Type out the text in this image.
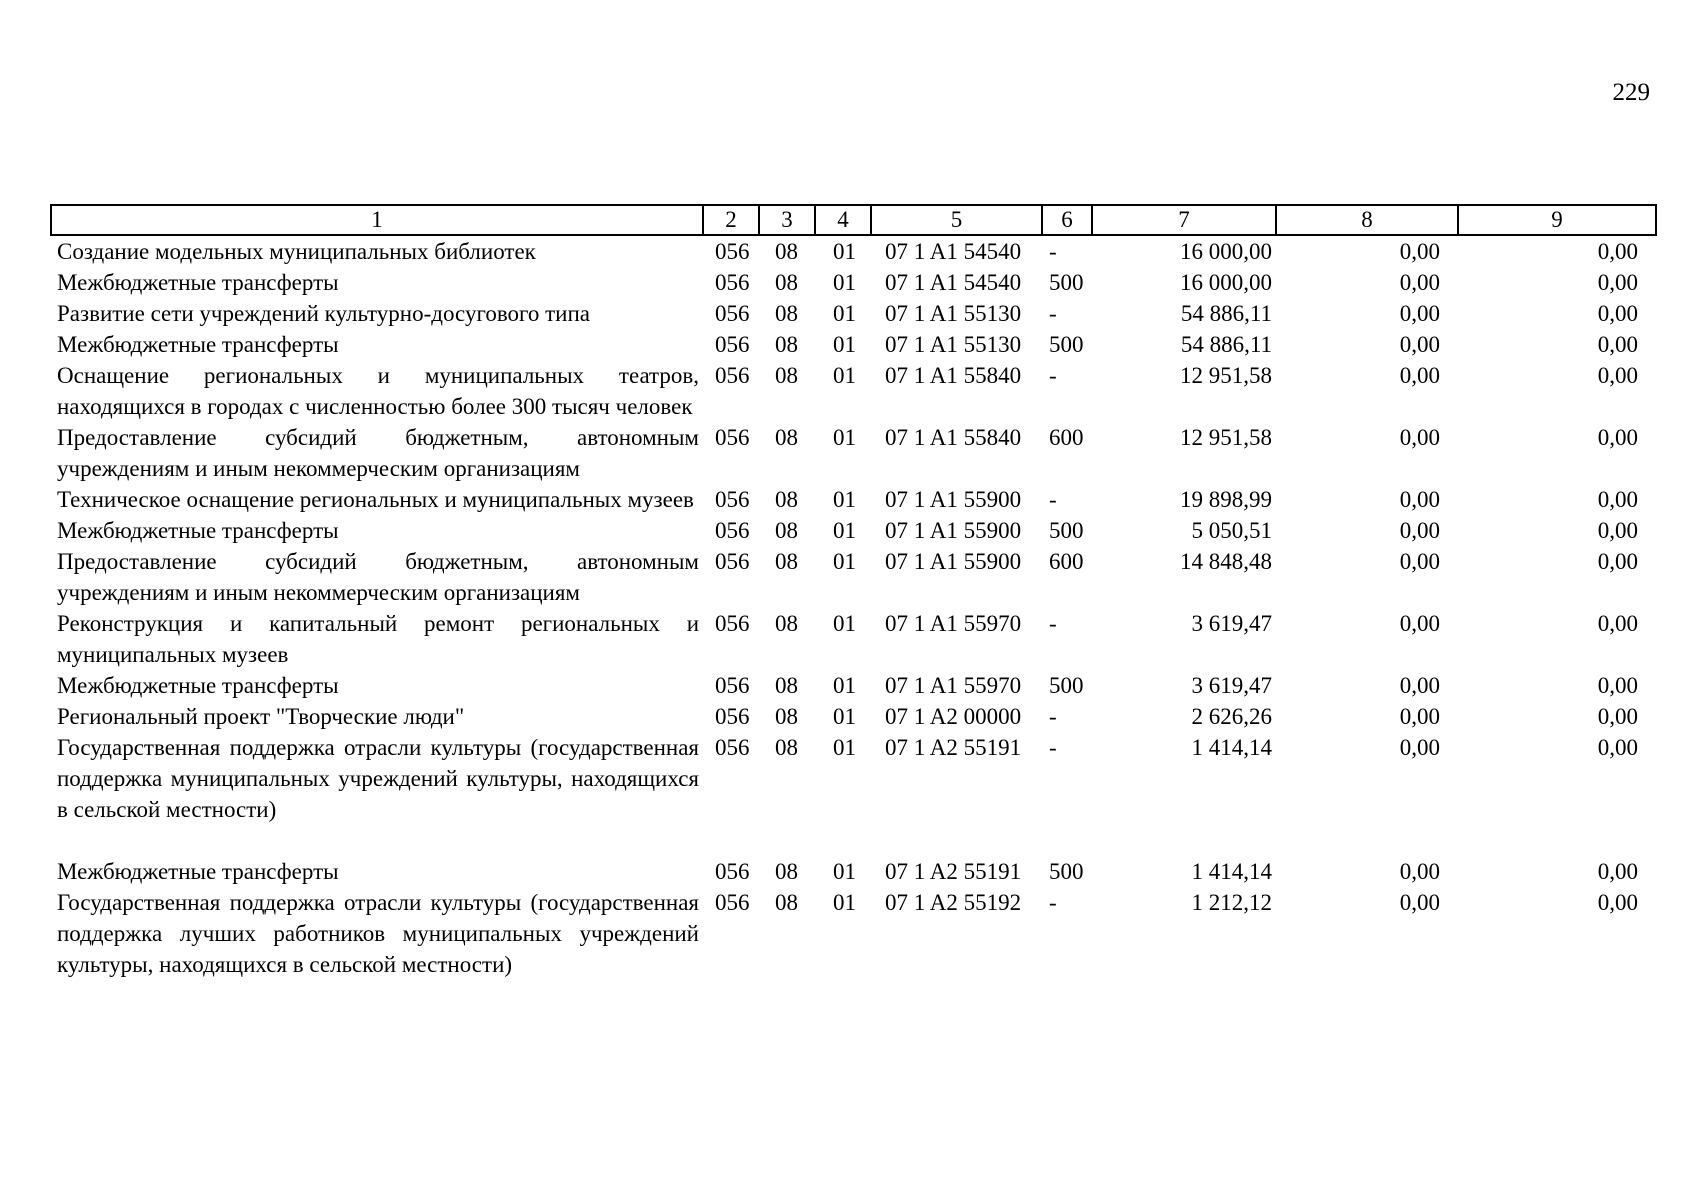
229
1	2	3	4	5	6	7	8	9
Создание модельных муниципальных библиотек	056	08	01	07 1 A1 54540	-	16 000,00	0,00	0,00
Межбюджетные трансферты	056	08	01	07 1 A1 54540	500	16 000,00	0,00	0,00
Развитие сети учреждений культурно-досугового типа	056	08	01	07 1 A1 55130	-	54 886,11	0,00	0,00
Межбюджетные трансферты	056	08	01	07 1 A1 55130	500	54 886,11	0,00	0,00
Оснащение региональных и муниципальных театров, находящихся в городах с численностью более 300 тысяч человек	056	08	01	07 1 A1 55840	-	12 951,58	0,00	0,00
Предоставление субсидий бюджетным, автономным учреждениям и иным некоммерческим организациям	056	08	01	07 1 A1 55840	600	12 951,58	0,00	0,00
Техническое оснащение региональных и муниципальных музеев	056	08	01	07 1 A1 55900	-	19 898,99	0,00	0,00
Межбюджетные трансферты	056	08	01	07 1 A1 55900	500	5 050,51	0,00	0,00
Предоставление субсидий бюджетным, автономным учреждениям и иным некоммерческим организациям	056	08	01	07 1 A1 55900	600	14 848,48	0,00	0,00
Реконструкция и капитальный ремонт региональных и муниципальных музеев	056	08	01	07 1 A1 55970	-	3 619,47	0,00	0,00
Межбюджетные трансферты	056	08	01	07 1 A1 55970	500	3 619,47	0,00	0,00
Региональный проект "Творческие люди"	056	08	01	07 1 A2 00000	-	2 626,26	0,00	0,00
Государственная поддержка отрасли культуры (государственная поддержка муниципальных учреждений культуры, находящихся в сельской местности)	056	08	01	07 1 A2 55191	-	1 414,14	0,00	0,00
Межбюджетные трансферты	056	08	01	07 1 A2 55191	500	1 414,14	0,00	0,00
Государственная поддержка отрасли культуры (государственная поддержка лучших работников муниципальных учреждений культуры, находящихся в сельской местности)	056	08	01	07 1 A2 55192	-	1 212,12	0,00	0,00
